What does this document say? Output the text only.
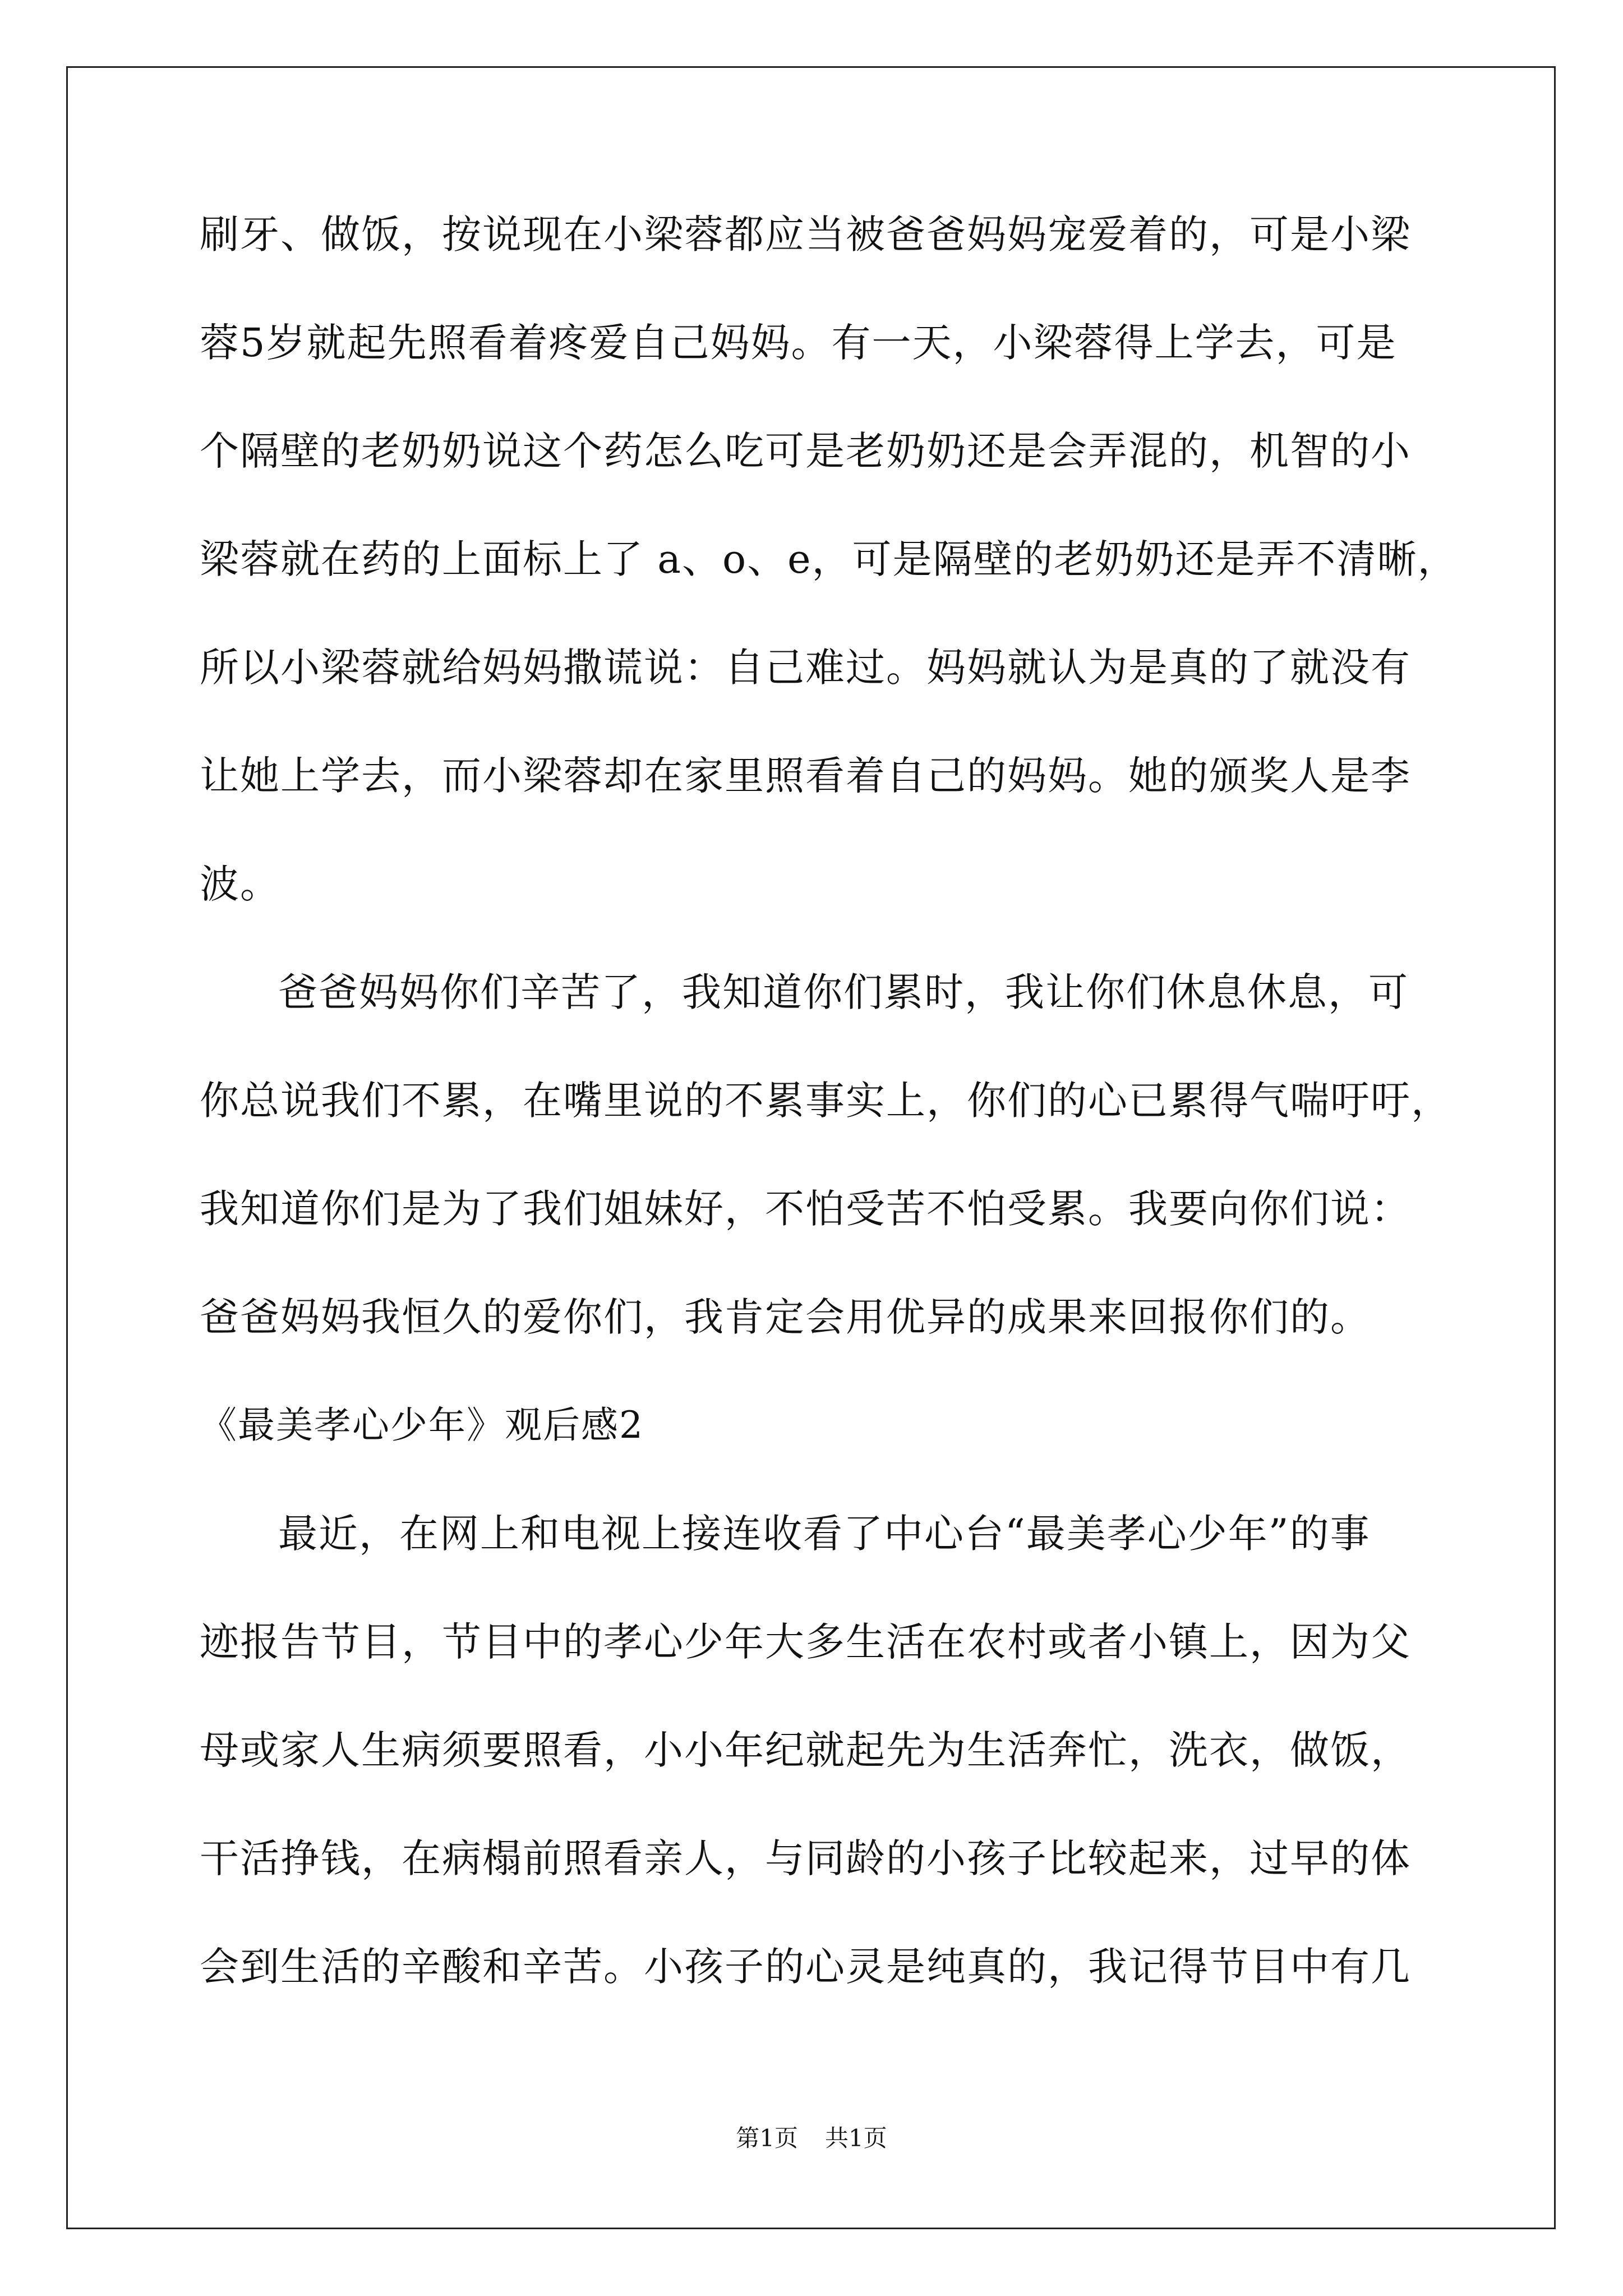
刷牙、做饭，按说现在小梁蓉都应当被爸爸妈妈宠爱着的，可是小梁
蓉5岁就起先照看着疼爱自己妈妈。有一天，小梁蓉得上学去，可是
个隔壁的老奶奶说这个药怎么吃可是老奶奶还是会弄混的，机智的小
梁蓉就在药的上面标上了 a、o、e，可是隔壁的老奶奶还是弄不清晰，
所以小梁蓉就给妈妈撒谎说：自己难过。妈妈就认为是真的了就没有
让她上学去，而小梁蓉却在家里照看着自己的妈妈。她的颁奖人是李
波。
爸爸妈妈你们辛苦了，我知道你们累时，我让你们休息休息，可
你总说我们不累，在嘴里说的不累事实上，你们的心已累得气喘吁吁，
我知道你们是为了我们姐妹好，不怕受苦不怕受累。我要向你们说：
爸爸妈妈我恒久的爱你们，我肯定会用优异的成果来回报你们的。
《最美孝心少年》观后感2
最近，在网上和电视上接连收看了中心台“最美孝心少年”的事
迹报告节目，节目中的孝心少年大多生活在农村或者小镇上，因为父
母或家人生病须要照看，小小年纪就起先为生活奔忙，洗衣，做饭，
干活挣钱，在病榻前照看亲人，与同龄的小孩子比较起来，过早的体
会到生活的辛酸和辛苦。小孩子的心灵是纯真的，我记得节目中有几
第1页 共1页
